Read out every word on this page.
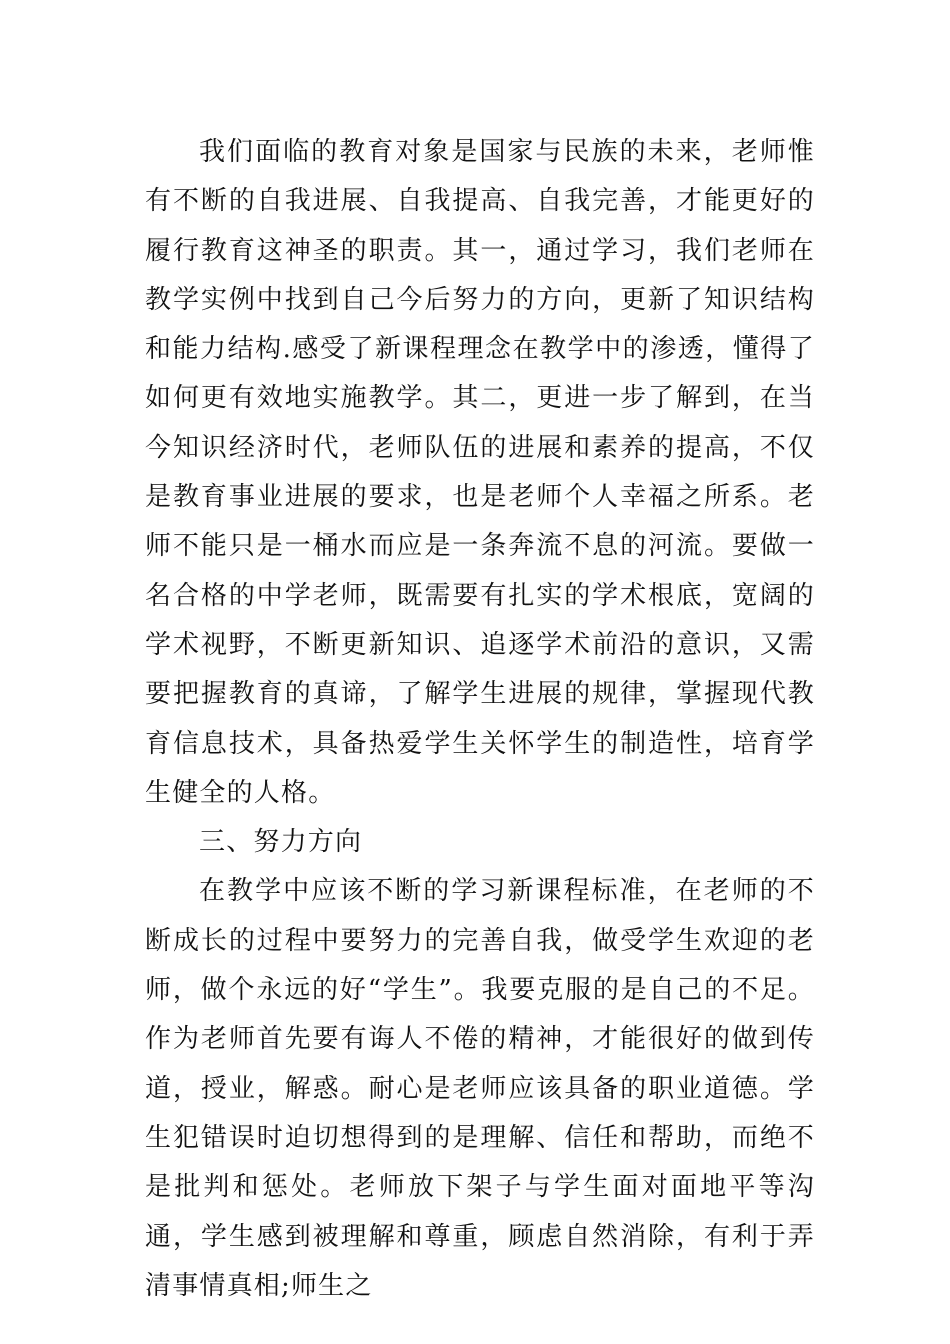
我们面临的教育对象是国家与民族的未来，老师惟有不断的自我进展、自我提高、自我完善，才能更好的履行教育这神圣的职责。其一，通过学习，我们老师在教学实例中找到自己今后努力的方向，更新了知识结构和能力结构.感受了新课程理念在教学中的渗透，懂得了如何更有效地实施教学。其二，更进一步了解到，在当今知识经济时代，老师队伍的进展和素养的提高，不仅是教育事业进展的要求，也是老师个人幸福之所系。老师不能只是一桶水而应是一条奔流不息的河流。要做一名合格的中学老师，既需要有扎实的学术根底，宽阔的学术视野，不断更新知识、追逐学术前沿的意识，又需要把握教育的真谛，了解学生进展的规律，掌握现代教育信息技术，具备热爱学生关怀学生的制造性，培育学生健全的人格。

三、努力方向

在教学中应该不断的学习新课程标准，在老师的不断成长的过程中要努力的完善自我，做受学生欢迎的老师，做个永远的好“学生”。我要克服的是自己的不足。作为老师首先要有诲人不倦的精神，才能很好的做到传道，授业，解惑。耐心是老师应该具备的职业道德。学生犯错误时迫切想得到的是理解、信任和帮助，而绝不是批判和惩处。老师放下架子与学生面对面地平等沟通，学生感到被理解和尊重，顾虑自然消除，有利于弄清事情真相;师生之
